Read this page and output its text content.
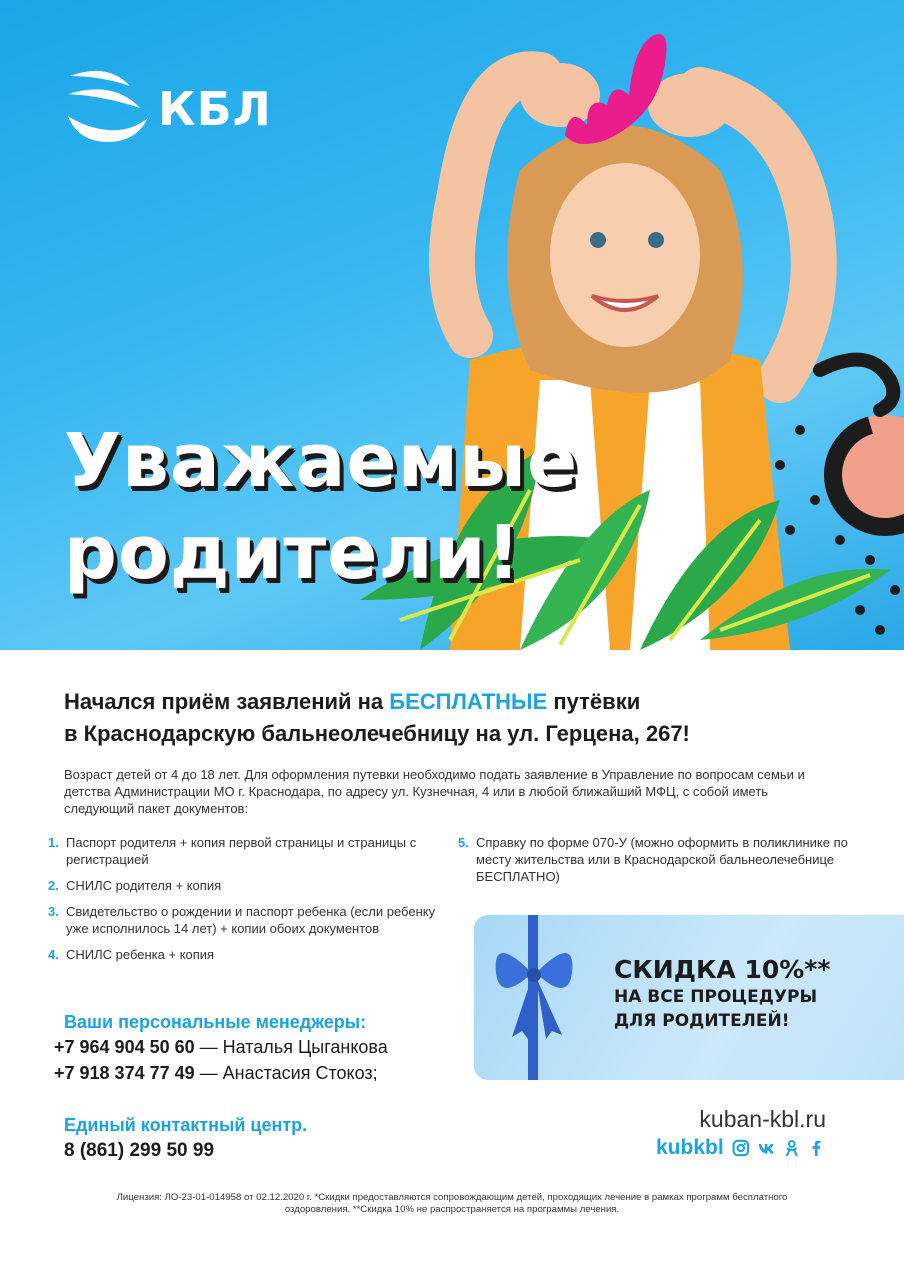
КБЛ
Уважаемые
родители!
Начался приём заявлений на БЕСПЛАТНЫЕ путёвки
в Краснодарскую бальнеолечебницу на ул. Герцена, 267!
Возраст детей от 4 до 18 лет. Для оформления путевки необходимо подать заявление в Управление по вопросам семьи и детства Администрации МО г. Краснодара, по адресу ул. Кузнечная, 4 или в любой ближайший МФЦ, с собой иметь следующий пакет документов:
1. Паспорт родителя + копия первой страницы и страницы с регистрацией
2. СНИЛС родителя + копия
3. Свидетельство о рождении и паспорт ребенка (если ребенку уже исполнилось 14 лет) + копии обоих документов
4. СНИЛС ребенка + копия
5. Справку по форме 070-У (можно оформить в поликлинике по месту жительства или в Краснодарской бальнеолечебнице БЕСПЛАТНО)
СКИДКА 10%**
НА ВСЕ ПРОЦЕДУРЫ
ДЛЯ РОДИТЕЛЕЙ!
Ваши персональные менеджеры:
+7 964 904 50 60 — Наталья Цыганкова
+7 918 374 77 49 — Анастасия Стокоз;
Единый контактный центр.
8 (861) 299 50 99
kuban-kbl.ru
kubkbl
Лицензия: ЛО-23-01-014958 от 02.12.2020 г. *Скидки предоставляются сопровождающим детей, проходящих лечение в рамках программ бесплатного оздоровления. **Скидка 10% не распространяется на программы лечения.
